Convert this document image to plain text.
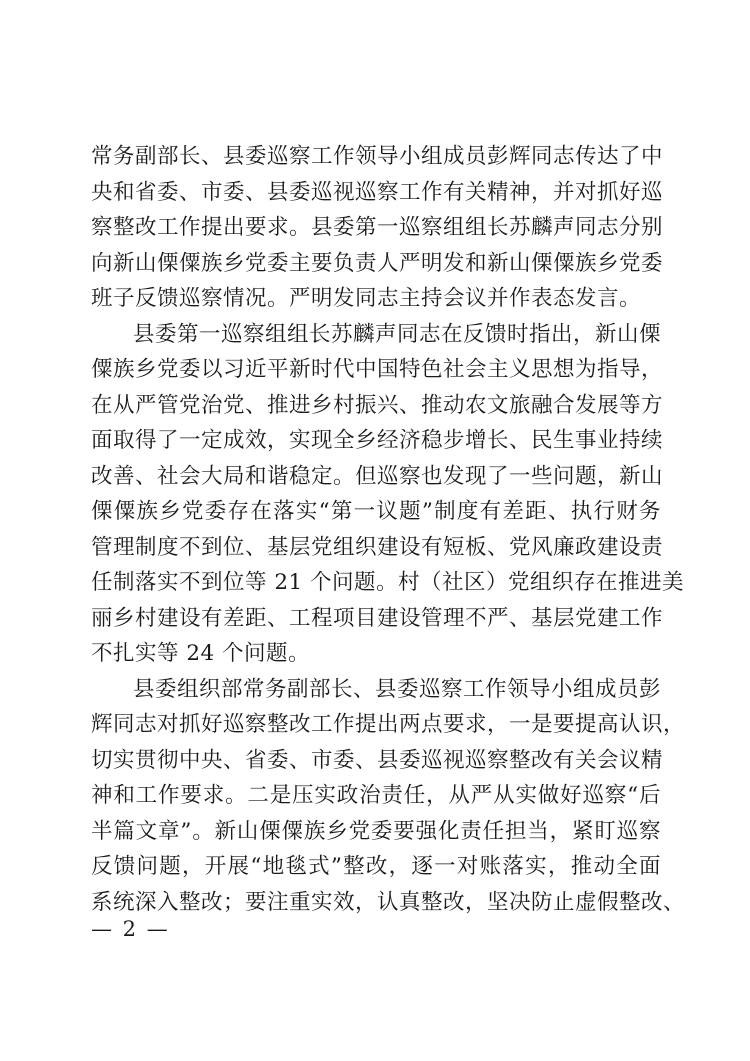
常务副部长、县委巡察工作领导小组成员彭辉同志传达了中
央和省委、市委、县委巡视巡察工作有关精神，并对抓好巡
察整改工作提出要求。县委第一巡察组组长苏麟声同志分别
向新山傈僳族乡党委主要负责人严明发和新山傈僳族乡党委
班子反馈巡察情况。严明发同志主持会议并作表态发言。
县委第一巡察组组长苏麟声同志在反馈时指出，新山傈
僳族乡党委以习近平新时代中国特色社会主义思想为指导，
在从严管党治党、推进乡村振兴、推动农文旅融合发展等方
面取得了一定成效，实现全乡经济稳步增长、民生事业持续
改善、社会大局和谐稳定。但巡察也发现了一些问题，新山
傈僳族乡党委存在落实“第一议题”制度有差距、执行财务
管理制度不到位、基层党组织建设有短板、党风廉政建设责
任制落实不到位等 21 个问题。村（社区）党组织存在推进美
丽乡村建设有差距、工程项目建设管理不严、基层党建工作
不扎实等 24 个问题。
县委组织部常务副部长、县委巡察工作领导小组成员彭
辉同志对抓好巡察整改工作提出两点要求，一是要提高认识，
切实贯彻中央、省委、市委、县委巡视巡察整改有关会议精
神和工作要求。二是压实政治责任，从严从实做好巡察“后
半篇文章”。新山傈僳族乡党委要强化责任担当，紧盯巡察
反馈问题，开展“地毯式”整改，逐一对账落实，推动全面
系统深入整改；要注重实效，认真整改，坚决防止虚假整改、
— 2 —
